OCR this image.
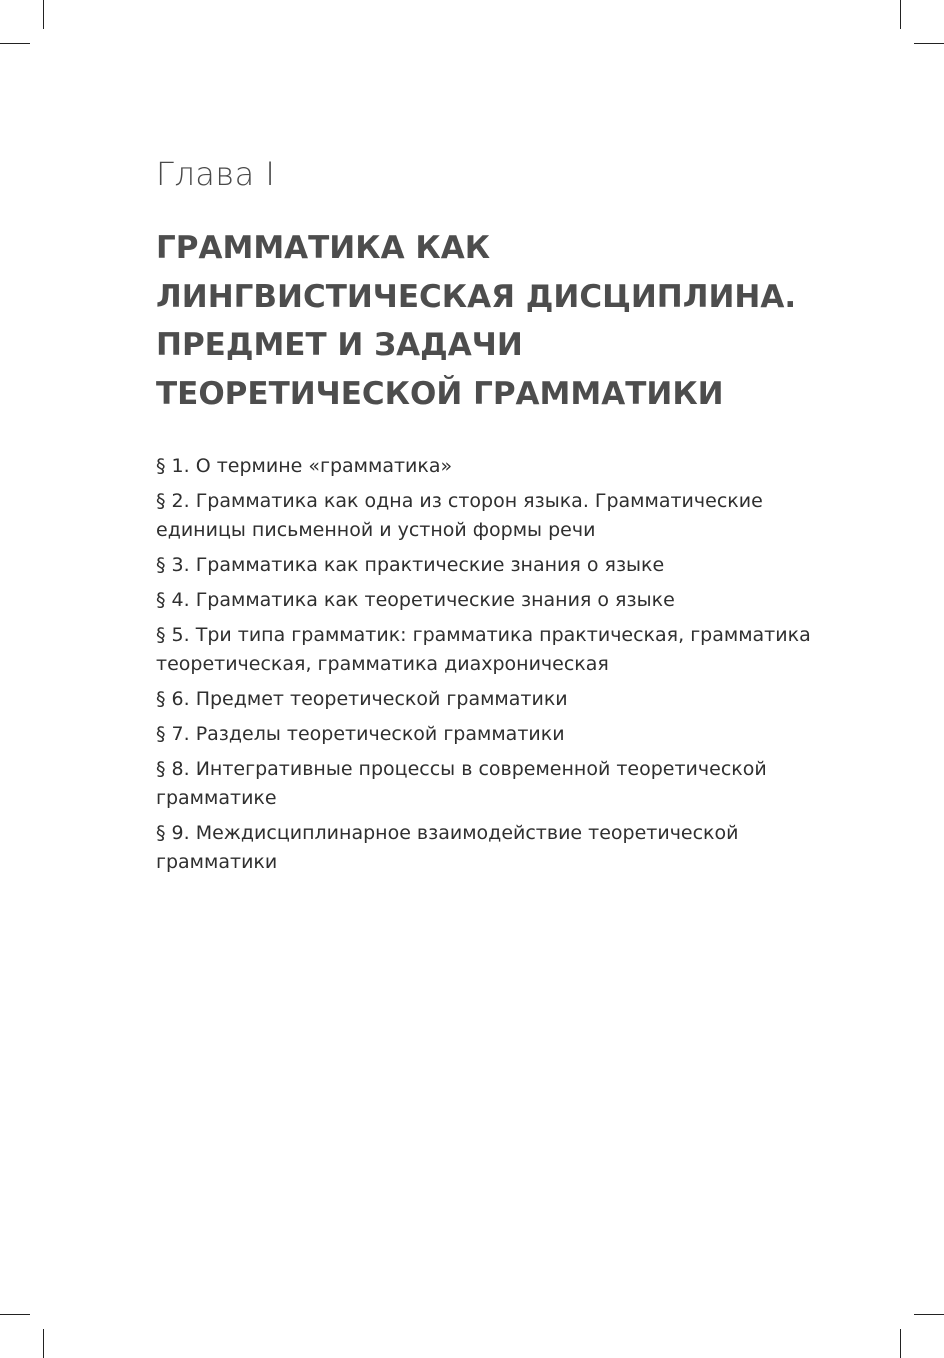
Глава I
ГРАММАТИКА КАК
ЛИНГВИСТИЧЕСКАЯ ДИСЦИПЛИНА.
ПРЕДМЕТ И ЗАДАЧИ
ТЕОРЕТИЧЕСКОЙ ГРАММАТИКИ
§ 1. О термине «грамматика»
§ 2. Грамматика как одна из сторон языка. Грамматические единицы письменной и устной формы речи
§ 3. Грамматика как практические знания о языке
§ 4. Грамматика как теоретические знания о языке
§ 5. Три типа грамматик: грамматика практическая, грамматика теоретическая, грамматика диахроническая
§ 6. Предмет теоретической грамматики
§ 7. Разделы теоретической грамматики
§ 8. Интегративные процессы в современной теоретической грамматике
§ 9. Междисциплинарное взаимодействие теоретической грамматики
